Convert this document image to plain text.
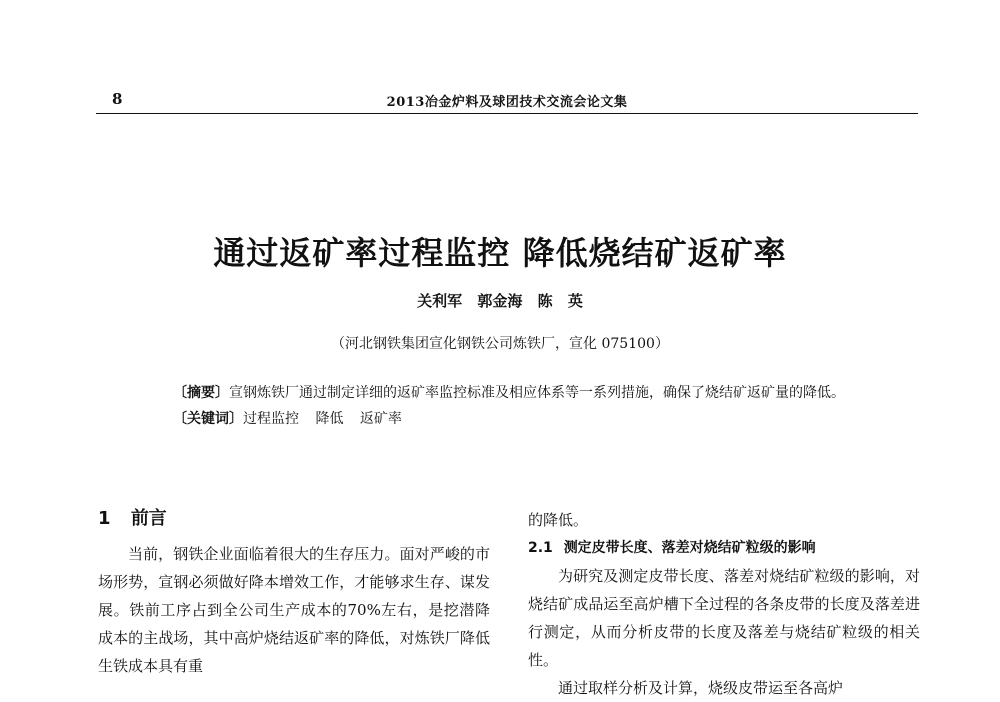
8	2013冶金炉料及球团技术交流会论文集
通过返矿率过程监控 降低烧结矿返矿率
关利军 郭金海 陈 英
（河北钢铁集团宣化钢铁公司炼铁厂，宣化 075100）

〔摘要〕宣钢炼铁厂通过制定详细的返矿率监控标准及相应体系等一系列措施，确保了烧结矿返矿量的降低。

〔关键词〕过程监控 降低 返矿率

1 前言

当前，钢铁企业面临着很大的生存压力。面对严峻的市场形势，宣钢必须做好降本增效工作，才能够求生存、谋发展。铁前工序占到全公司生产成本的70%左右，是挖潜降成本的主战场，其中高炉烧结返矿率的降低，对炼铁厂降低生铁成本具有重

的降低。

2.1 测定皮带长度、落差对烧结矿粒级的影响

为研究及测定皮带长度、落差对烧结矿粒级的影响，对烧结矿成品运至高炉槽下全过程的各条皮带的长度及落差进行测定，从而分析皮带的长度及落差与烧结矿粒级的相关性。

通过取样分析及计算，烧级皮带运至各高炉
